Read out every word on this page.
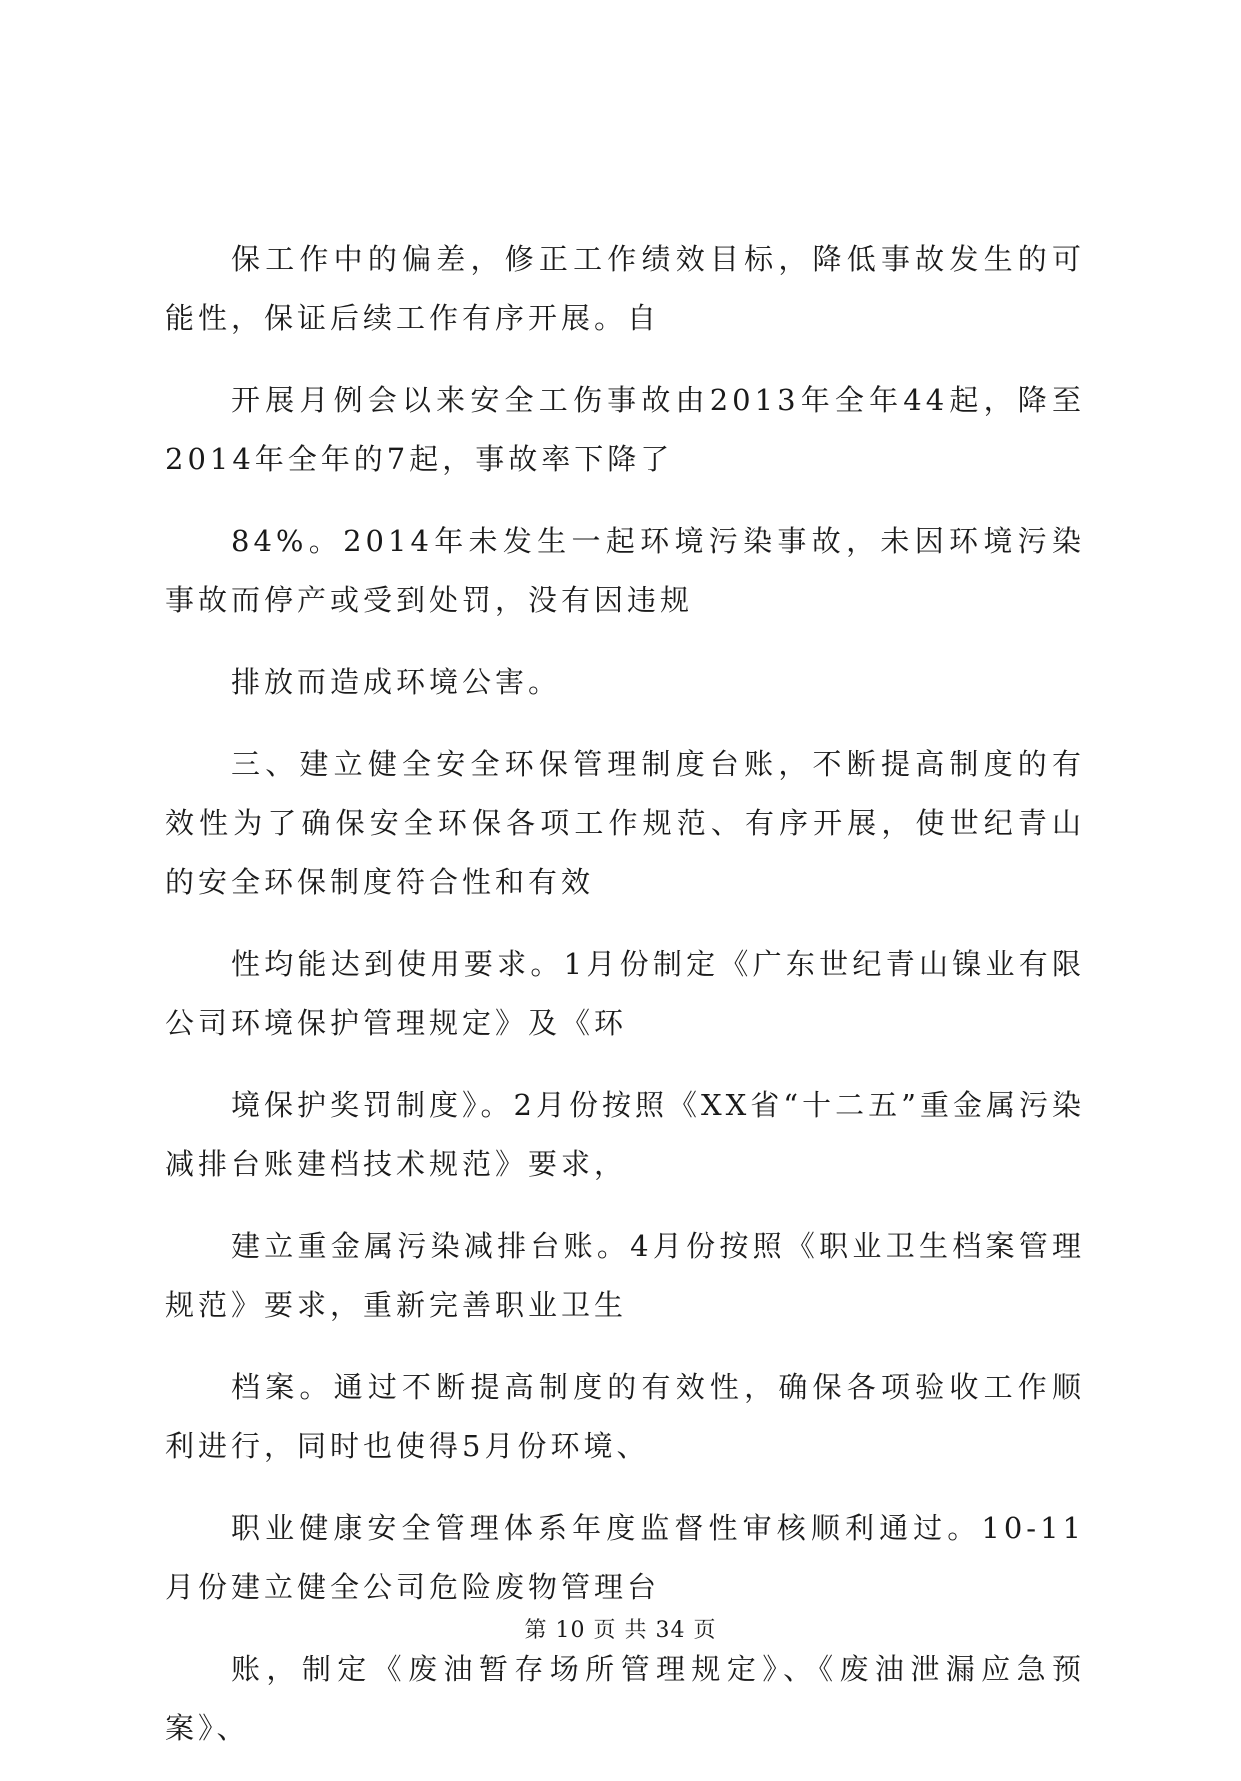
保工作中的偏差，修正工作绩效目标，降低事故发生的可能性，保证后续工作有序开展。自

开展月例会以来安全工伤事故由2013年全年44起，降至2014年全年的7起，事故率下降了

84%。2014年未发生一起环境污染事故，未因环境污染事故而停产或受到处罚，没有因违规

排放而造成环境公害。

三、建立健全安全环保管理制度台账，不断提高制度的有效性为了确保安全环保各项工作规范、有序开展，使世纪青山的安全环保制度符合性和有效

性均能达到使用要求。1月份制定《广东世纪青山镍业有限公司环境保护管理规定》及《环

境保护奖罚制度》。2月份按照《XX省“十二五”重金属污染减排台账建档技术规范》要求，

建立重金属污染减排台账。4月份按照《职业卫生档案管理规范》要求，重新完善职业卫生

档案。通过不断提高制度的有效性，确保各项验收工作顺利进行，同时也使得5月份环境、

职业健康安全管理体系年度监督性审核顺利通过。10-11月份建立健全公司危险废物管理台

账，制定《废油暂存场所管理规定》、《废油泄漏应急预案》、

第 10 页 共 34 页
